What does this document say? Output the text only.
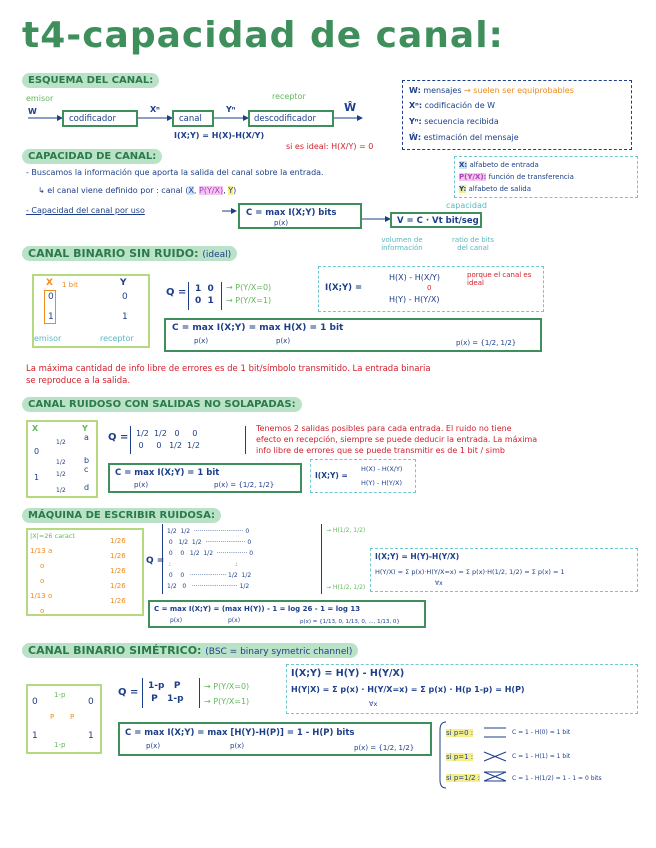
t4-capacidad de canal:
ESQUEMA DEL CANAL:
emisor	receptor
W	Xⁿ	Yⁿ	Ŵ
codificador	canal	descodificador
I(X;Y) = H(X)-H(X/Y)
si es ideal: H(X/Y) = 0
W: mensajes → suelen ser equiprobables
Xⁿ: codificación de W
Yⁿ: secuencia recibida
Ŵ: estimación del mensaje
CAPACIDAD DE CANAL:
- Buscamos la información que aporta la salida del canal sobre la entrada.
↳ el canal viene definido por : canal (X, P(Y/X), Y)
- Capacidad del canal por uso	C = max I(X;Y) bits
p(x)
capacidad
V = C · Vt bit/seg
volumen de información
ratio de bits del canal
X: alfabeto de entrada
P(Y/X): función de transferencia
Y: alfabeto de salida
CANAL BINARIO SIN RUIDO: (ideal)
X 1 bit	Y
0
1
0
1
emisor	receptor
Q = 1  0
0  1
→ P(Y/X=0)
→ P(Y/X=1)
I(X;Y) =
H(X) - H(X/Y)
0
H(Y) - H(Y/X)
porque el canal es ideal
C = max I(X;Y) = max H(X) = 1 bit
p(x)	p(x)	p(x) = {1/2, 1/2}
La máxima cantidad de info libre de errores es de 1 bit/símbolo transmitido. La entrada binaria
se reproduce a la salida.
CANAL RUIDOSO CON SALIDAS NO SOLAPADAS:
X	Y
0
1
a
b
c
d
1/2
1/2
1/2
1/2
Q = 1/2  1/2   0     0
0     0   1/2  1/2
Tenemos 2 salidas posibles para cada entrada. El ruido no tiene
efecto en recepción, siempre se puede deducir la entrada. La máxima
info libre de errores que se puede transmitir es de 1 bit / simb
C = max I(X;Y) = 1 bit
p(x)	p(x) = {1/2, 1/2}
I(X;Y) =
H(X) - H(X/Y)
H(Y) - H(Y/X)
MÁQUINA DE ESCRIBIR RUIDOSA:
|X|=26 caract
1/13 a
o
o
1/13 o
o
1/26
1/26
1/26
1/26
1/26
Q =
1/2  1/2  ·························· 0
0   1/2  1/2  ····················· 0
0    0   1/2  1/2  ················ 0
:                                  :
0    0   ··················· 1/2  1/2
1/2   0   ························ 1/2
→ H(1/2, 1/2)
→ H(1/2, 1/2)
I(X;Y) = H(Y)-H(Y/X)
H(Y/X) = Σ p(x)·H(Y/X=x) = Σ p(x)·H(1/2, 1/2) = Σ p(x) = 1
∀x
C = max I(X;Y) = (max H(Y)) - 1 = log 26 - 1 = log 13
p(x)	p(x)	p(x) = {1/13, 0, 1/13, 0, ..., 1/13, 0}
CANAL BINARIO SIMÉTRICO: (BSC = binary symetric channel)
0
1
0
1
1-p
1-p
P P
Q =
1-p   P
P   1-p
→ P(Y/X=0)
→ P(Y/X=1)
I(X;Y) = H(Y) - H(Y/X)
H(Y|X) = Σ p(x) · H(Y/X=x) = Σ p(x) · H(p 1-p) = H(P)
∀x
C = max I(X;Y) = max [H(Y)-H(P)] = 1 - H(P) bits
p(x)	p(x)	p(x) = {1/2, 1/2}
si p=0 :	C = 1 - H(0) = 1 bit
si p=1 :	C = 1 - H(1) = 1 bit
si p=1/2 :	C = 1 - H(1/2) = 1 - 1 = 0 bits
